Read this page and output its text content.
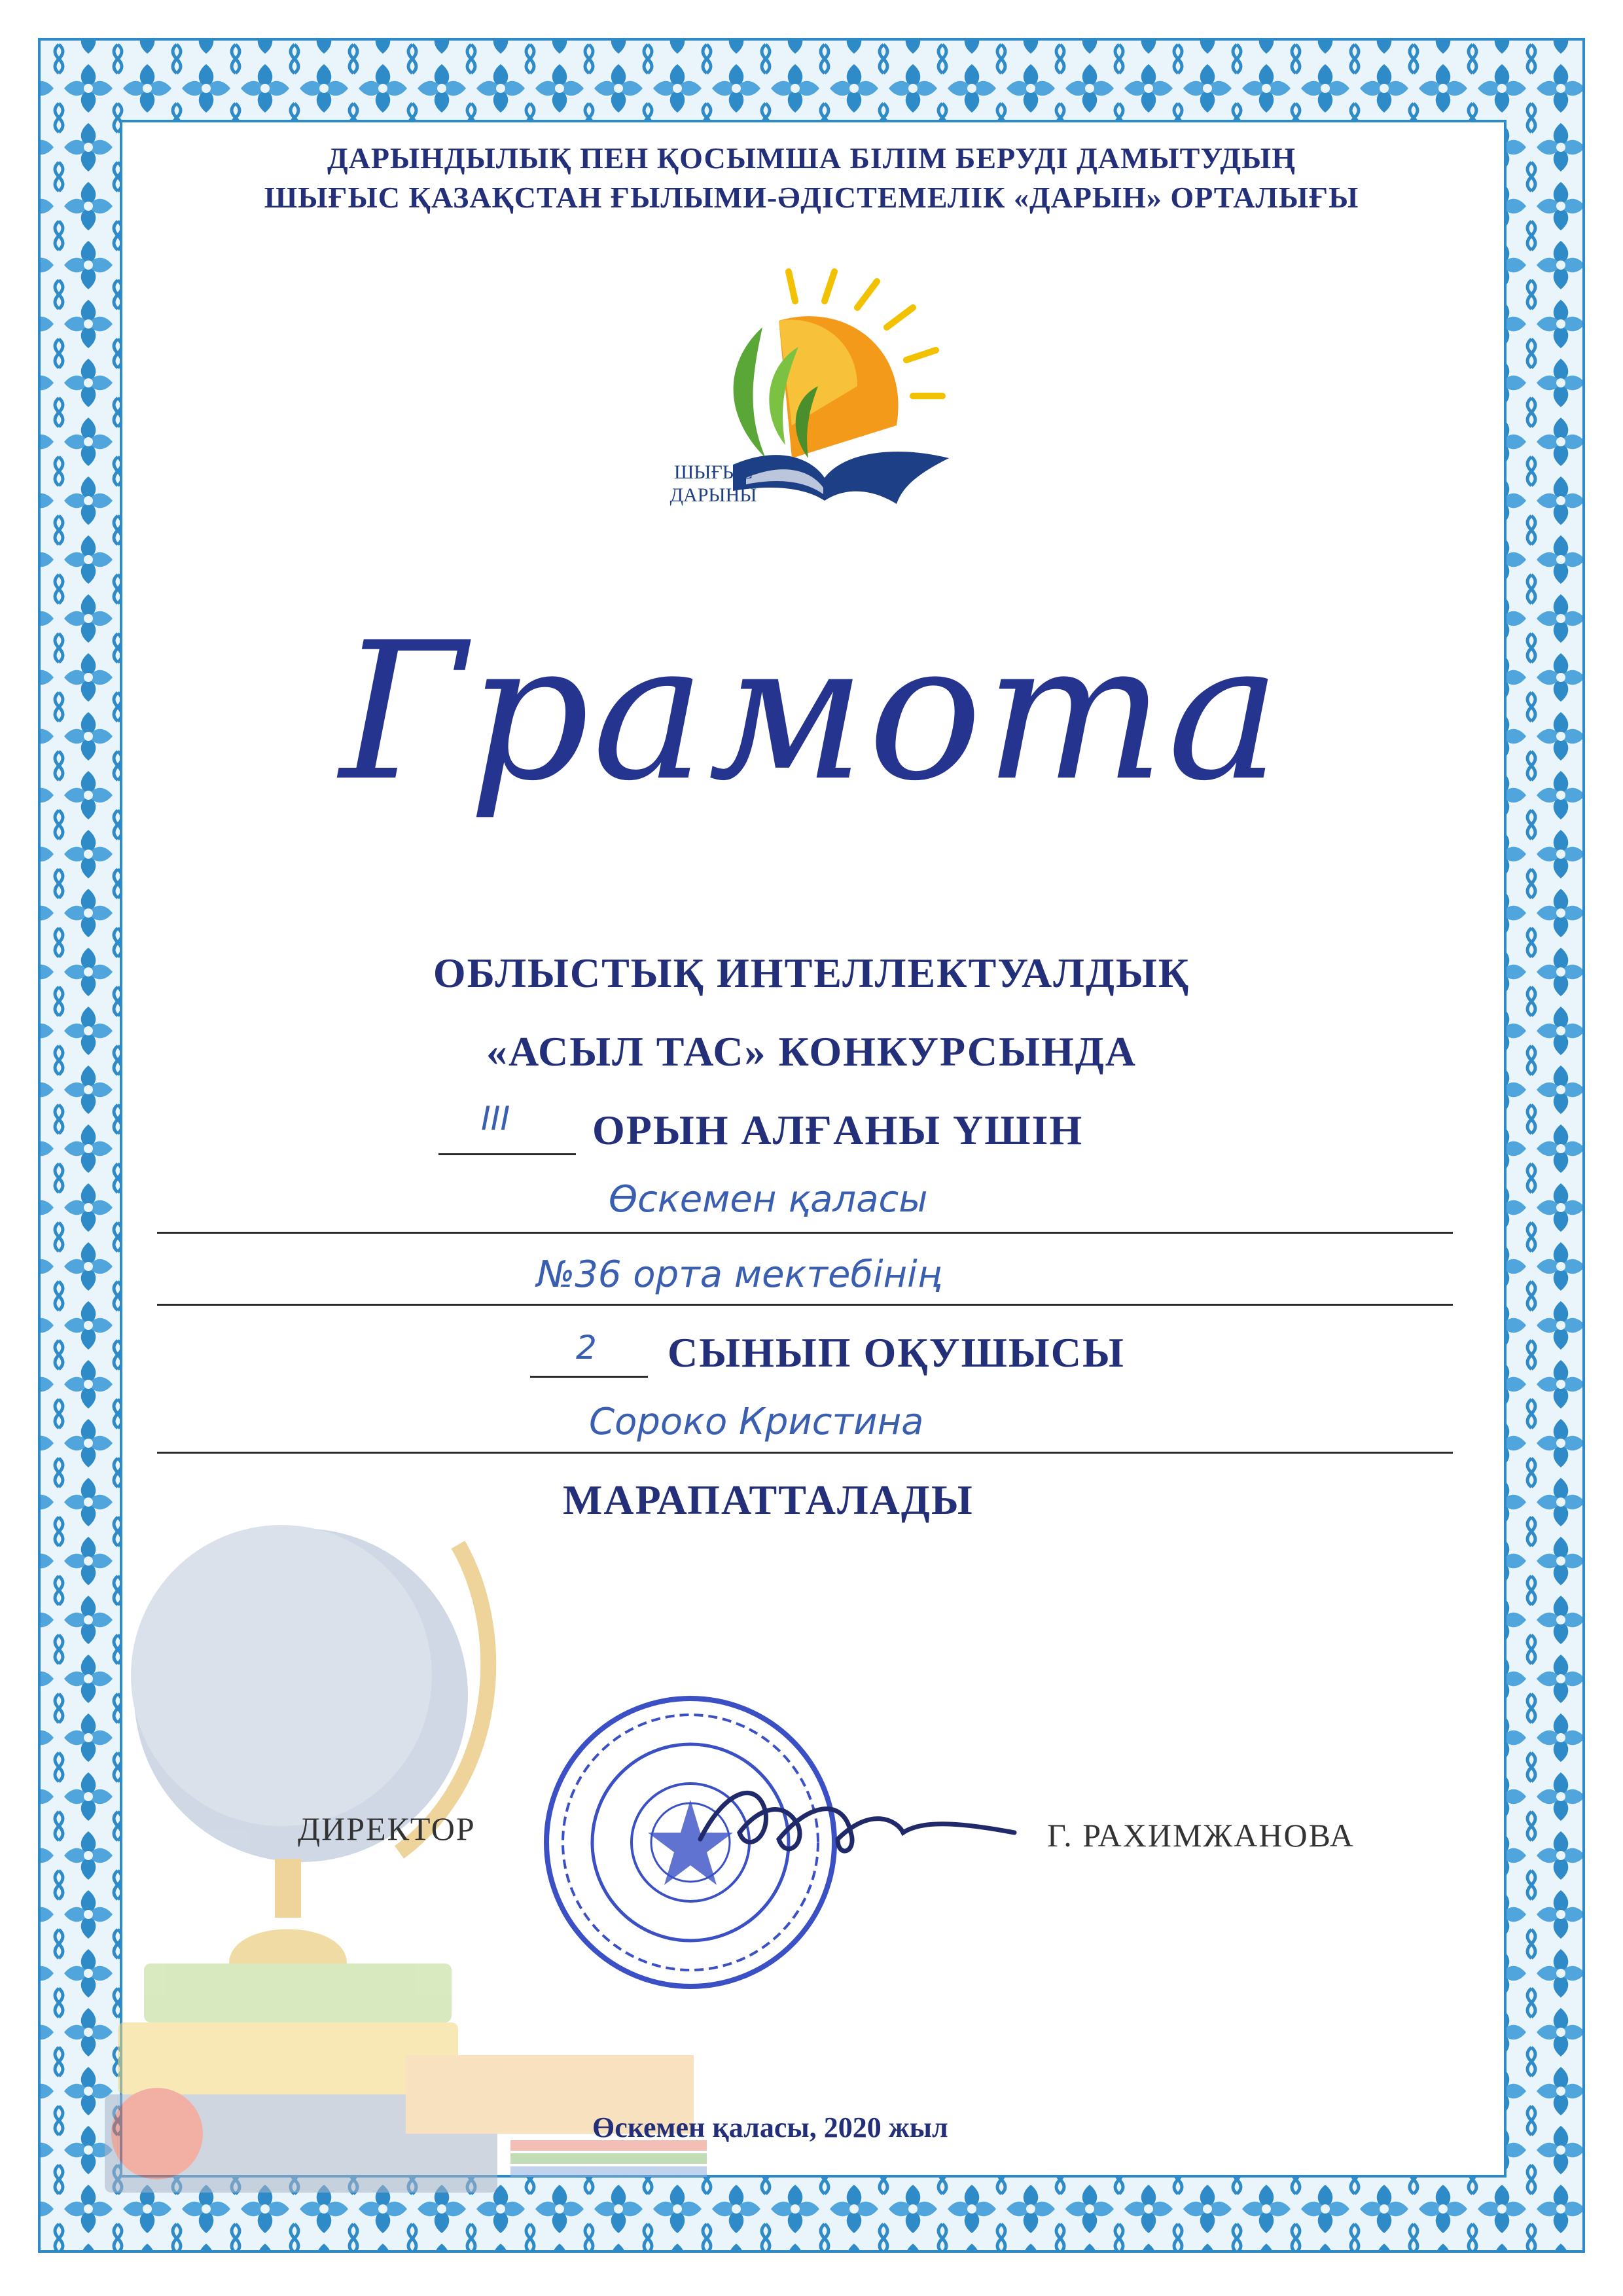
ДАРЫНДЫЛЫҚ ПЕН ҚОСЫМША БІЛІМ БЕРУДІ ДАМЫТУДЫҢ
ШЫҒЫС ҚАЗАҚСТАН ҒЫЛЫМИ-ӘДІСТЕМЕЛІК «ДАРЫН» ОРТАЛЫҒЫ
ШЫҒЫС
ДАРЫНЫ
Грамота
ОБЛЫСТЫҚ ИНТЕЛЛЕКТУАЛДЫҚ
«АСЫЛ ТАС» КОНКУРСЫНДА
ІІІ ОРЫН АЛҒАНЫ ҮШІН
Өскемен қаласы
№36 орта мектебінің
2 СЫНЫП ОҚУШЫСЫ
Сороко Кристина
МАРАПАТТАЛАДЫ
ДИРЕКТОР	Г. РАХИМЖАНОВА
Өскемен қаласы, 2020 жыл
